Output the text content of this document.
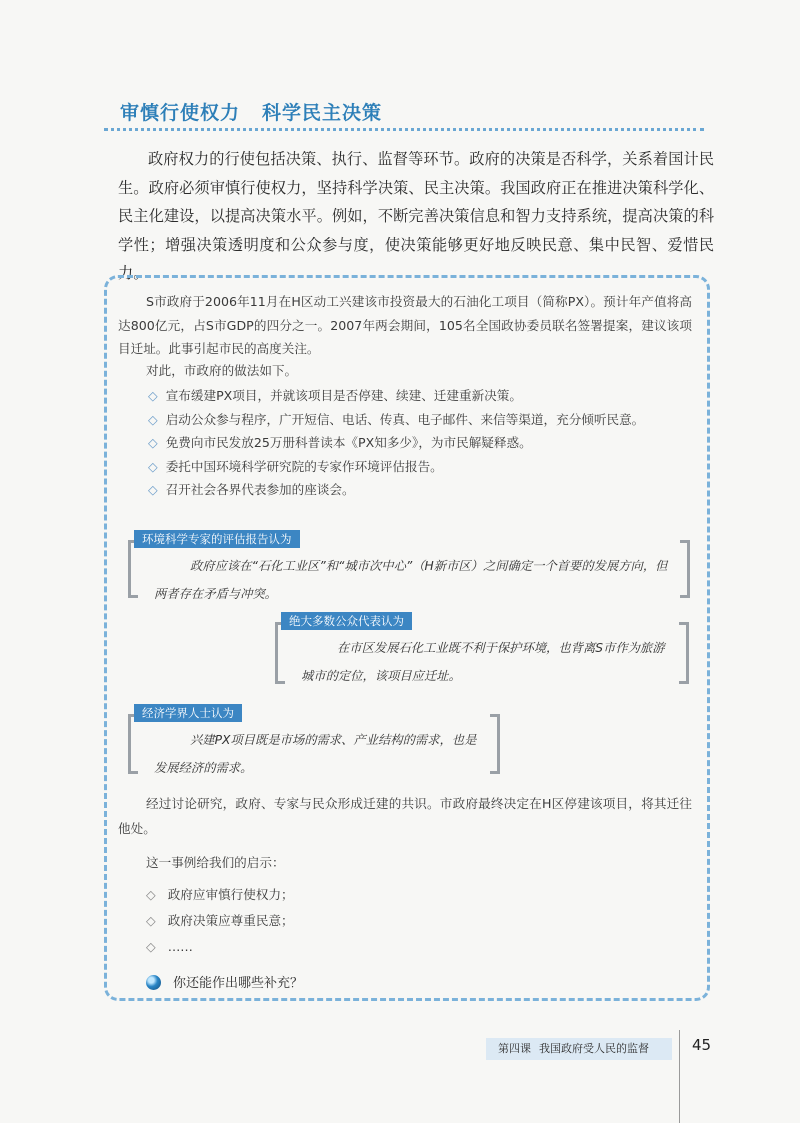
审慎行使权力 科学民主决策

政府权力的行使包括决策、执行、监督等环节。政府的决策是否科学，关系着国计民生。政府必须审慎行使权力，坚持科学决策、民主决策。我国政府正在推进决策科学化、民主化建设，以提高决策水平。例如，不断完善决策信息和智力支持系统，提高决策的科学性；增强决策透明度和公众参与度，使决策能够更好地反映民意、集中民智、爱惜民力。

S市政府于2006年11月在H区动工兴建该市投资最大的石油化工项目（简称PX）。预计年产值将高达800亿元，占S市GDP的四分之一。2007年两会期间，105名全国政协委员联名签署提案，建议该项目迁址。此事引起市民的高度关注。
对此，市政府的做法如下。
◇ 宣布缓建PX项目，并就该项目是否停建、续建、迁建重新决策。
◇ 启动公众参与程序，广开短信、电话、传真、电子邮件、来信等渠道，充分倾听民意。
◇ 免费向市民发放25万册科普读本《PX知多少》，为市民解疑释惑。
◇ 委托中国环境科学研究院的专家作环境评估报告。
◇ 召开社会各界代表参加的座谈会。
环境科学专家的评估报告认为
政府应该在“石化工业区”和“城市次中心”（H新市区）之间确定一个首要的发展方向，但两者存在矛盾与冲突。
绝大多数公众代表认为
在市区发展石化工业既不利于保护环境，也背离S市作为旅游城市的定位，该项目应迁址。
经济学界人士认为
兴建PX项目既是市场的需求、产业结构的需求，也是发展经济的需求。
经过讨论研究，政府、专家与民众形成迁建的共识。市政府最终决定在H区停建该项目，将其迁往他处。
这一事例给我们的启示：
◇ 政府应审慎行使权力；
◇ 政府决策应尊重民意；
◇ ……
你还能作出哪些补充？
第四课 我国政府受人民的监督	45
